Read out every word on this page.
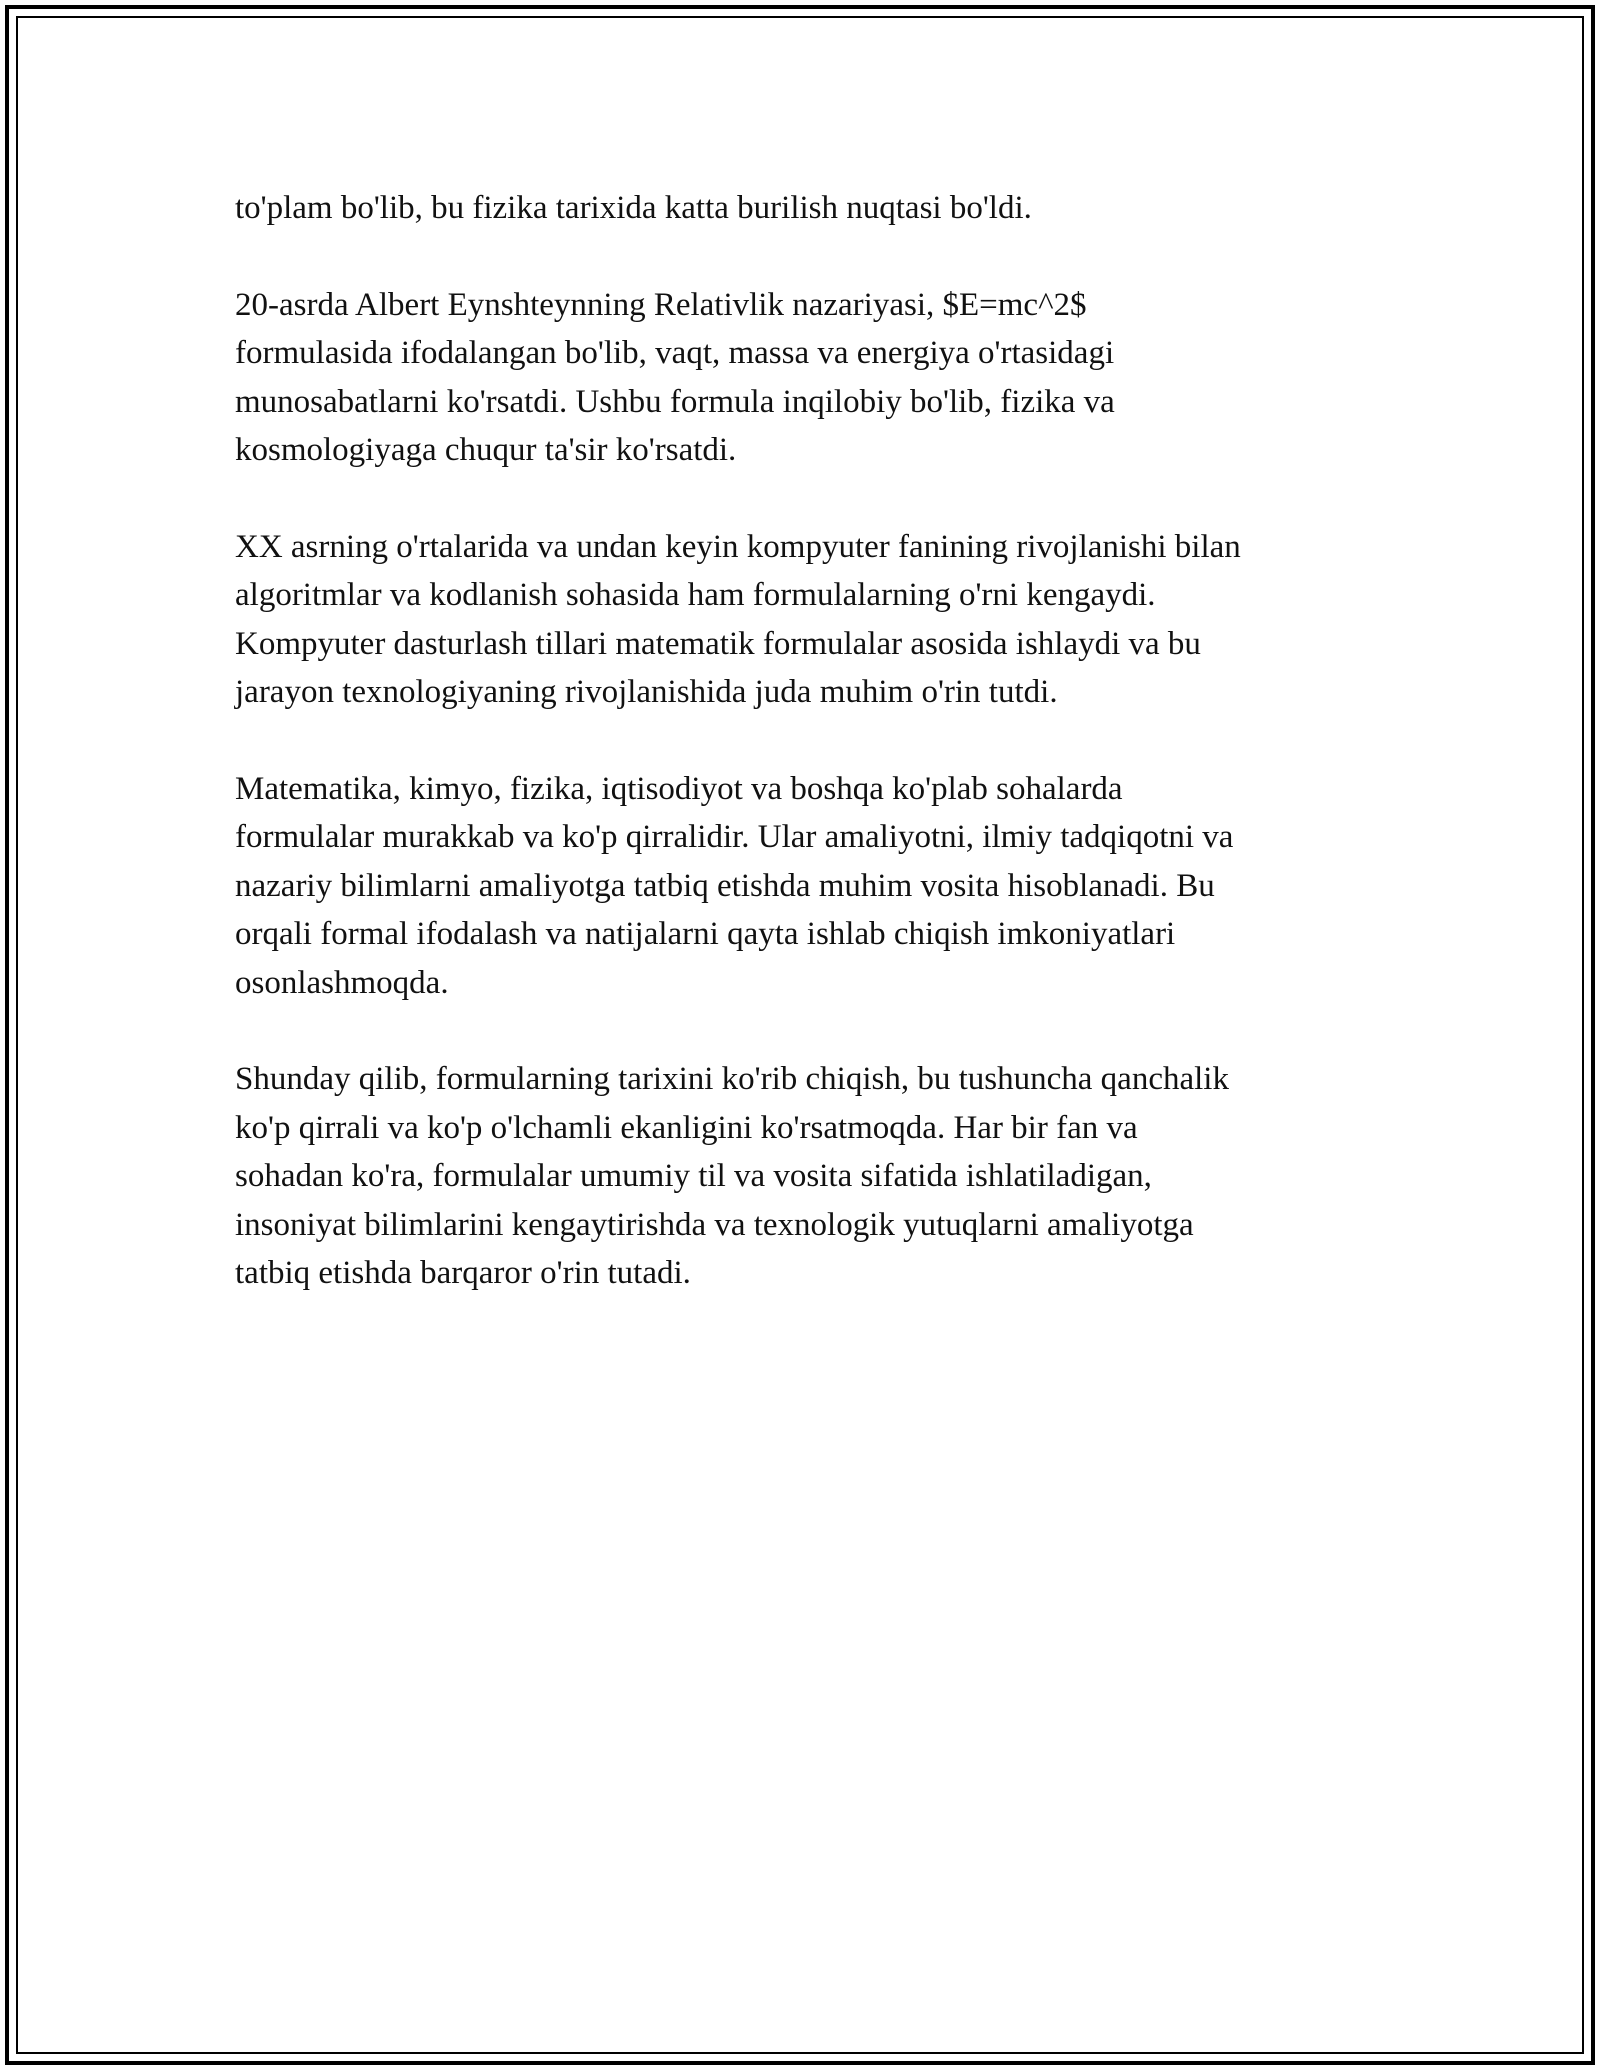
to'plam bo'lib, bu fizika tarixida katta burilish nuqtasi bo'ldi.

20-asrda Albert Eynshteynning Relativlik nazariyasi, $E=mc^2$
formulasida ifodalangan bo'lib, vaqt, massa va energiya o'rtasidagi
munosabatlarni ko'rsatdi. Ushbu formula inqilobiy bo'lib, fizika va
kosmologiyaga chuqur ta'sir ko'rsatdi.

XX asrning o'rtalarida va undan keyin kompyuter fanining rivojlanishi bilan
algoritmlar va kodlanish sohasida ham formulalarning o'rni kengaydi.
Kompyuter dasturlash tillari matematik formulalar asosida ishlaydi va bu
jarayon texnologiyaning rivojlanishida juda muhim o'rin tutdi.

Matematika, kimyo, fizika, iqtisodiyot va boshqa ko'plab sohalarda
formulalar murakkab va ko'p qirralidir. Ular amaliyotni, ilmiy tadqiqotni va
nazariy bilimlarni amaliyotga tatbiq etishda muhim vosita hisoblanadi. Bu
orqali formal ifodalash va natijalarni qayta ishlab chiqish imkoniyatlari
osonlashmoqda.

Shunday qilib, formularning tarixini ko'rib chiqish, bu tushuncha qanchalik
ko'p qirrali va ko'p o'lchamli ekanligini ko'rsatmoqda. Har bir fan va
sohadan ko'ra, formulalar umumiy til va vosita sifatida ishlatiladigan,
insoniyat bilimlarini kengaytirishda va texnologik yutuqlarni amaliyotga
tatbiq etishda barqaror o'rin tutadi.
